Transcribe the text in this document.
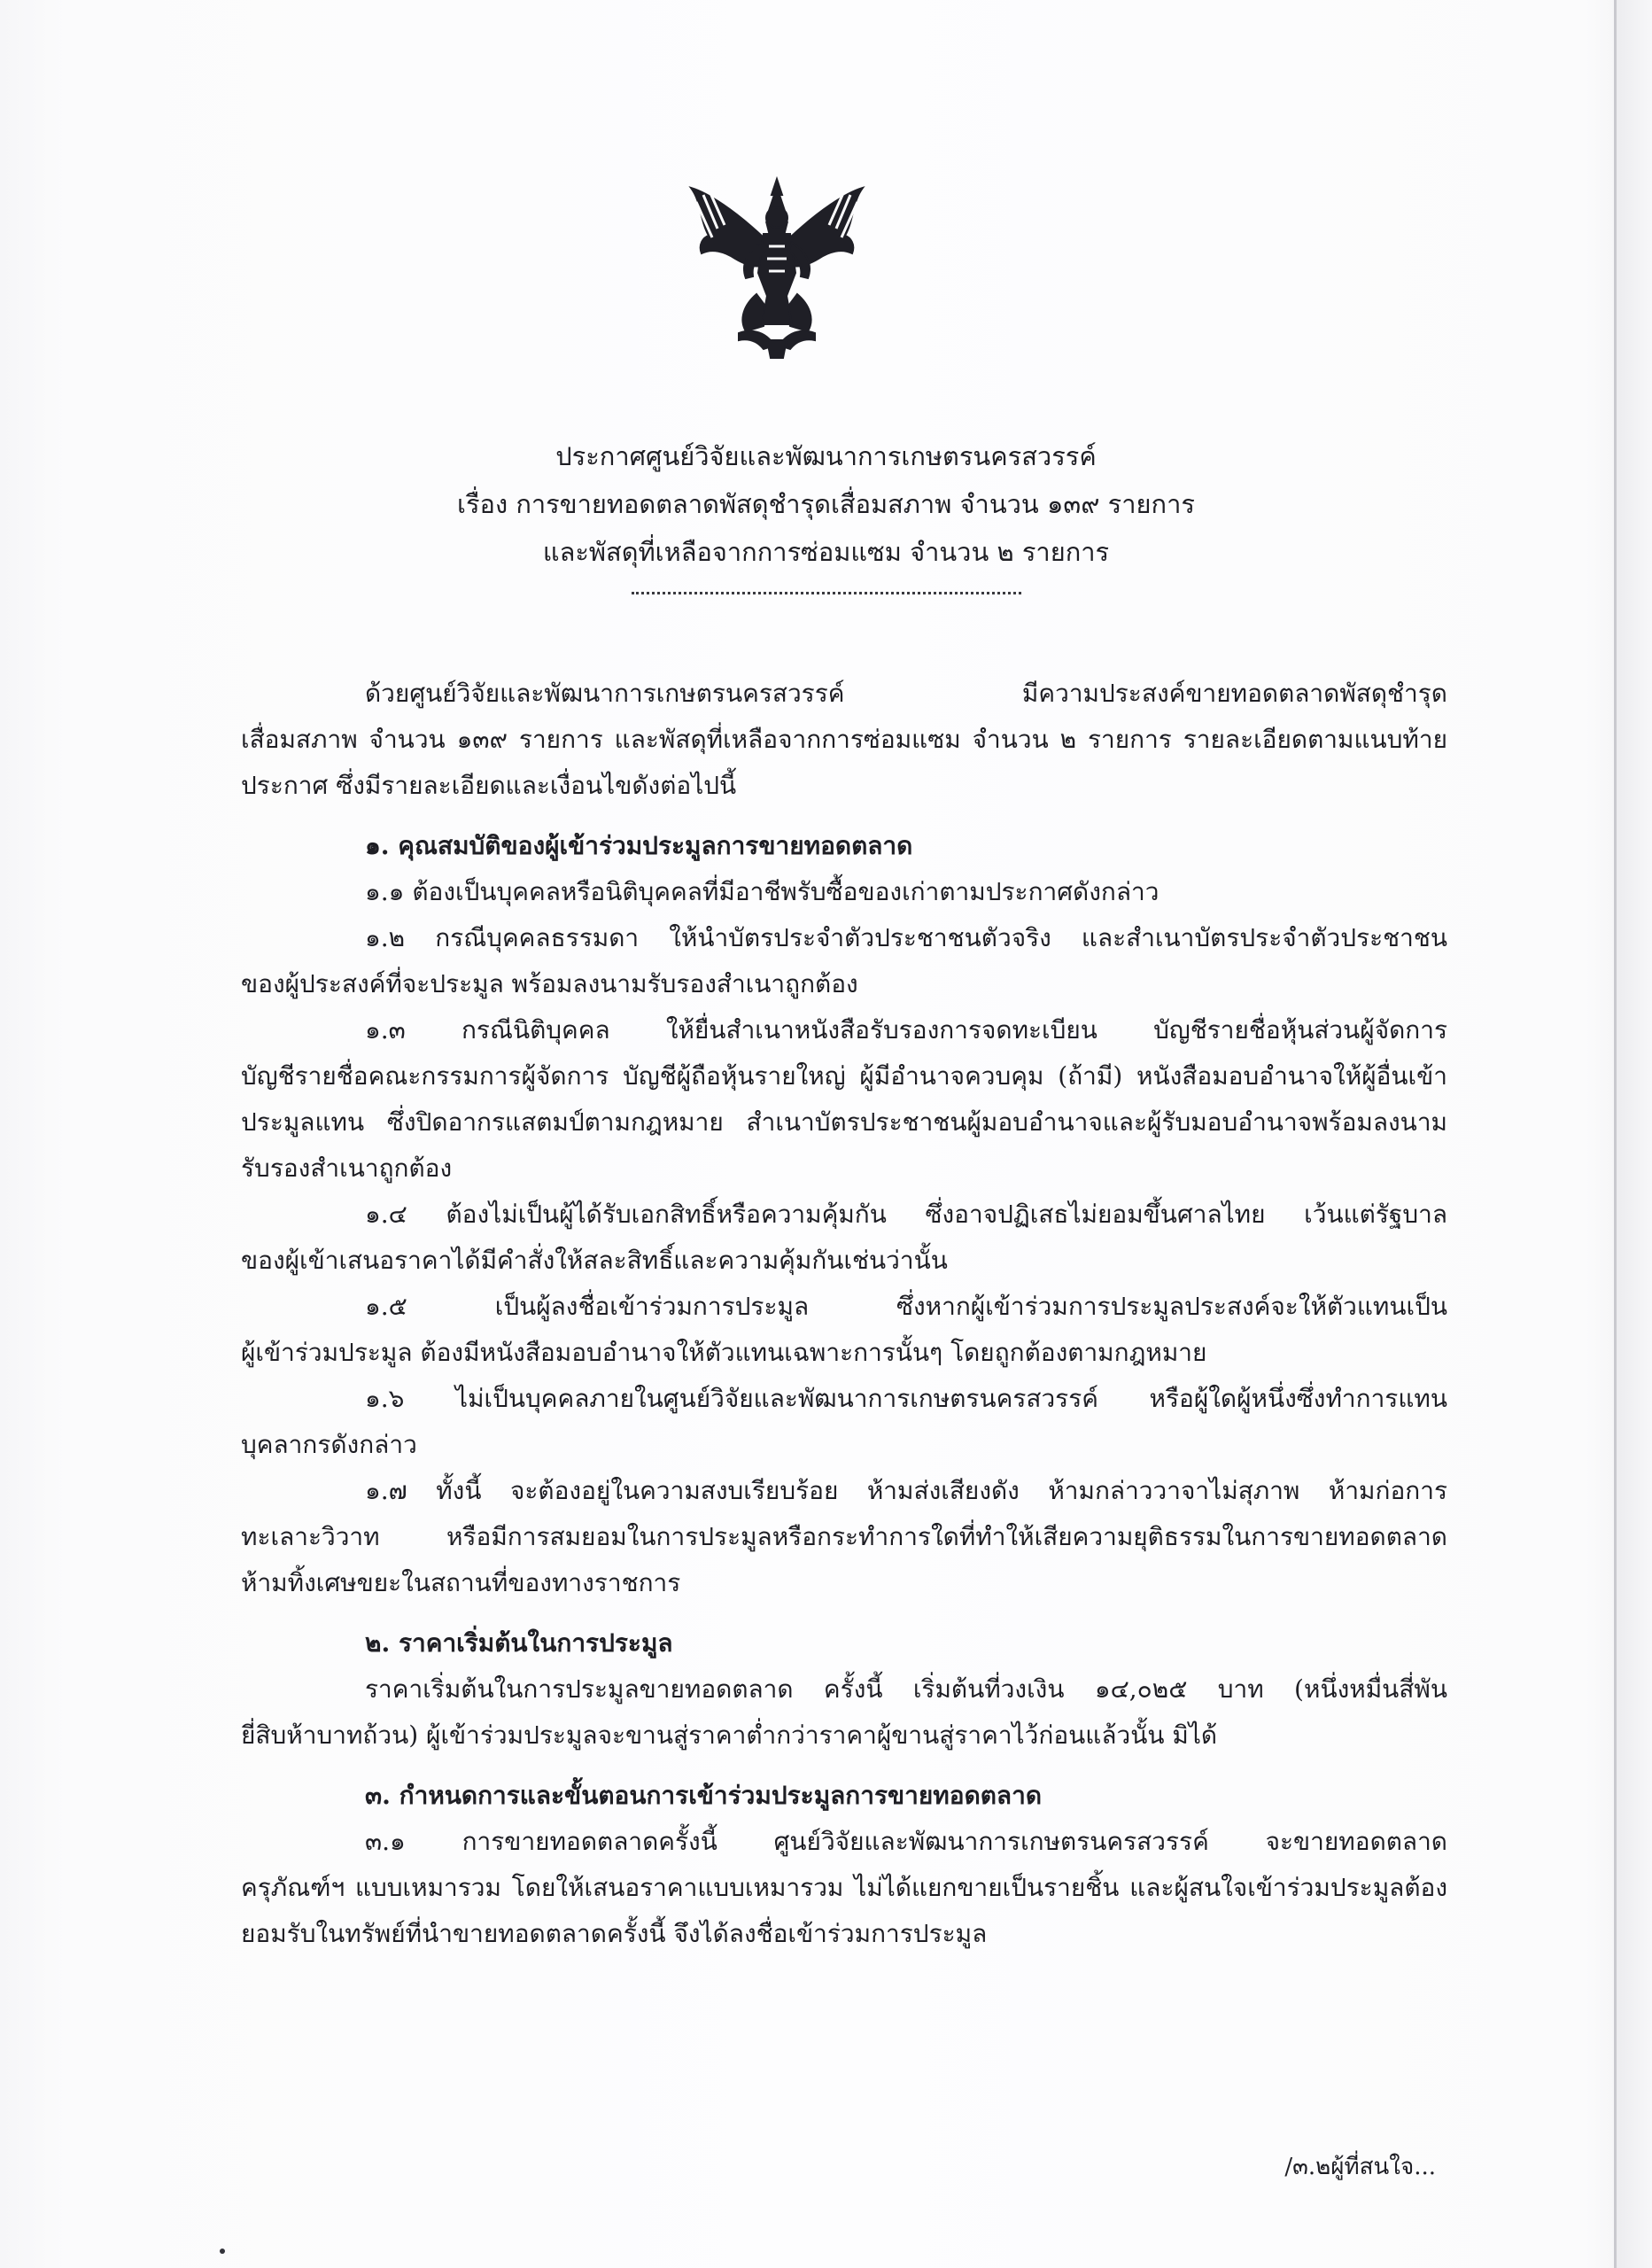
ประกาศศูนย์วิจัยและพัฒนาการเกษตรนครสวรรค์
เรื่อง การขายทอดตลาดพัสดุชำรุดเสื่อมสภาพ จำนวน ๑๓๙ รายการ
และพัสดุที่เหลือจากการซ่อมแซม จำนวน ๒ รายการ

ด้วยศูนย์วิจัยและพัฒนาการเกษตรนครสวรรค์ มีความประสงค์ขายทอดตลาดพัสดุชำรุด

เสื่อมสภาพ จำนวน ๑๓๙ รายการ และพัสดุที่เหลือจากการซ่อมแซม จำนวน ๒ รายการ รายละเอียดตามแนบท้าย

ประกาศ ซึ่งมีรายละเอียดและเงื่อนไขดังต่อไปนี้

๑. คุณสมบัติของผู้เข้าร่วมประมูลการขายทอดตลาด

๑.๑ ต้องเป็นบุคคลหรือนิติบุคคลที่มีอาชีพรับซื้อของเก่าตามประกาศดังกล่าว

๑.๒ กรณีบุคคลธรรมดา ให้นำบัตรประจำตัวประชาชนตัวจริง และสำเนาบัตรประจำตัวประชาชน

ของผู้ประสงค์ที่จะประมูล พร้อมลงนามรับรองสำเนาถูกต้อง

๑.๓ กรณีนิติบุคคล ให้ยื่นสำเนาหนังสือรับรองการจดทะเบียน บัญชีรายชื่อหุ้นส่วนผู้จัดการ

บัญชีรายชื่อคณะกรรมการผู้จัดการ บัญชีผู้ถือหุ้นรายใหญ่ ผู้มีอำนาจควบคุม (ถ้ามี) หนังสือมอบอำนาจให้ผู้อื่นเข้า

ประมูลแทน ซึ่งปิดอากรแสตมป์ตามกฎหมาย สำเนาบัตรประชาชนผู้มอบอำนาจและผู้รับมอบอำนาจพร้อมลงนาม

รับรองสำเนาถูกต้อง

๑.๔ ต้องไม่เป็นผู้ได้รับเอกสิทธิ์หรือความคุ้มกัน ซึ่งอาจปฏิเสธไม่ยอมขึ้นศาลไทย เว้นแต่รัฐบาล

ของผู้เข้าเสนอราคาได้มีคำสั่งให้สละสิทธิ์และความคุ้มกันเช่นว่านั้น

๑.๕ เป็นผู้ลงชื่อเข้าร่วมการประมูล ซึ่งหากผู้เข้าร่วมการประมูลประสงค์จะให้ตัวแทนเป็น

ผู้เข้าร่วมประมูล ต้องมีหนังสือมอบอำนาจให้ตัวแทนเฉพาะการนั้นๆ โดยถูกต้องตามกฎหมาย

๑.๖ ไม่เป็นบุคคลภายในศูนย์วิจัยและพัฒนาการเกษตรนครสวรรค์ หรือผู้ใดผู้หนึ่งซึ่งทำการแทน

บุคลากรดังกล่าว

๑.๗ ทั้งนี้ จะต้องอยู่ในความสงบเรียบร้อย ห้ามส่งเสียงดัง ห้ามกล่าววาจาไม่สุภาพ ห้ามก่อการ

ทะเลาะวิวาท หรือมีการสมยอมในการประมูลหรือกระทำการใดที่ทำให้เสียความยุติธรรมในการขายทอดตลาด

ห้ามทิ้งเศษขยะในสถานที่ของทางราชการ

๒. ราคาเริ่มต้นในการประมูล

ราคาเริ่มต้นในการประมูลขายทอดตลาด ครั้งนี้ เริ่มต้นที่วงเงิน ๑๔,๐๒๕ บาท (หนึ่งหมื่นสี่พัน

ยี่สิบห้าบาทถ้วน) ผู้เข้าร่วมประมูลจะขานสู่ราคาต่ำกว่าราคาผู้ขานสู่ราคาไว้ก่อนแล้วนั้น มิได้

๓. กำหนดการและขั้นตอนการเข้าร่วมประมูลการขายทอดตลาด

๓.๑ การขายทอดตลาดครั้งนี้ ศูนย์วิจัยและพัฒนาการเกษตรนครสวรรค์ จะขายทอดตลาด

ครุภัณฑ์ฯ แบบเหมารวม โดยให้เสนอราคาแบบเหมารวม ไม่ได้แยกขายเป็นรายชิ้น และผู้สนใจเข้าร่วมประมูลต้อง

ยอมรับในทรัพย์ที่นำขายทอดตลาดครั้งนี้ จึงได้ลงชื่อเข้าร่วมการประมูล

/๓.๒ผู้ที่สนใจ...
